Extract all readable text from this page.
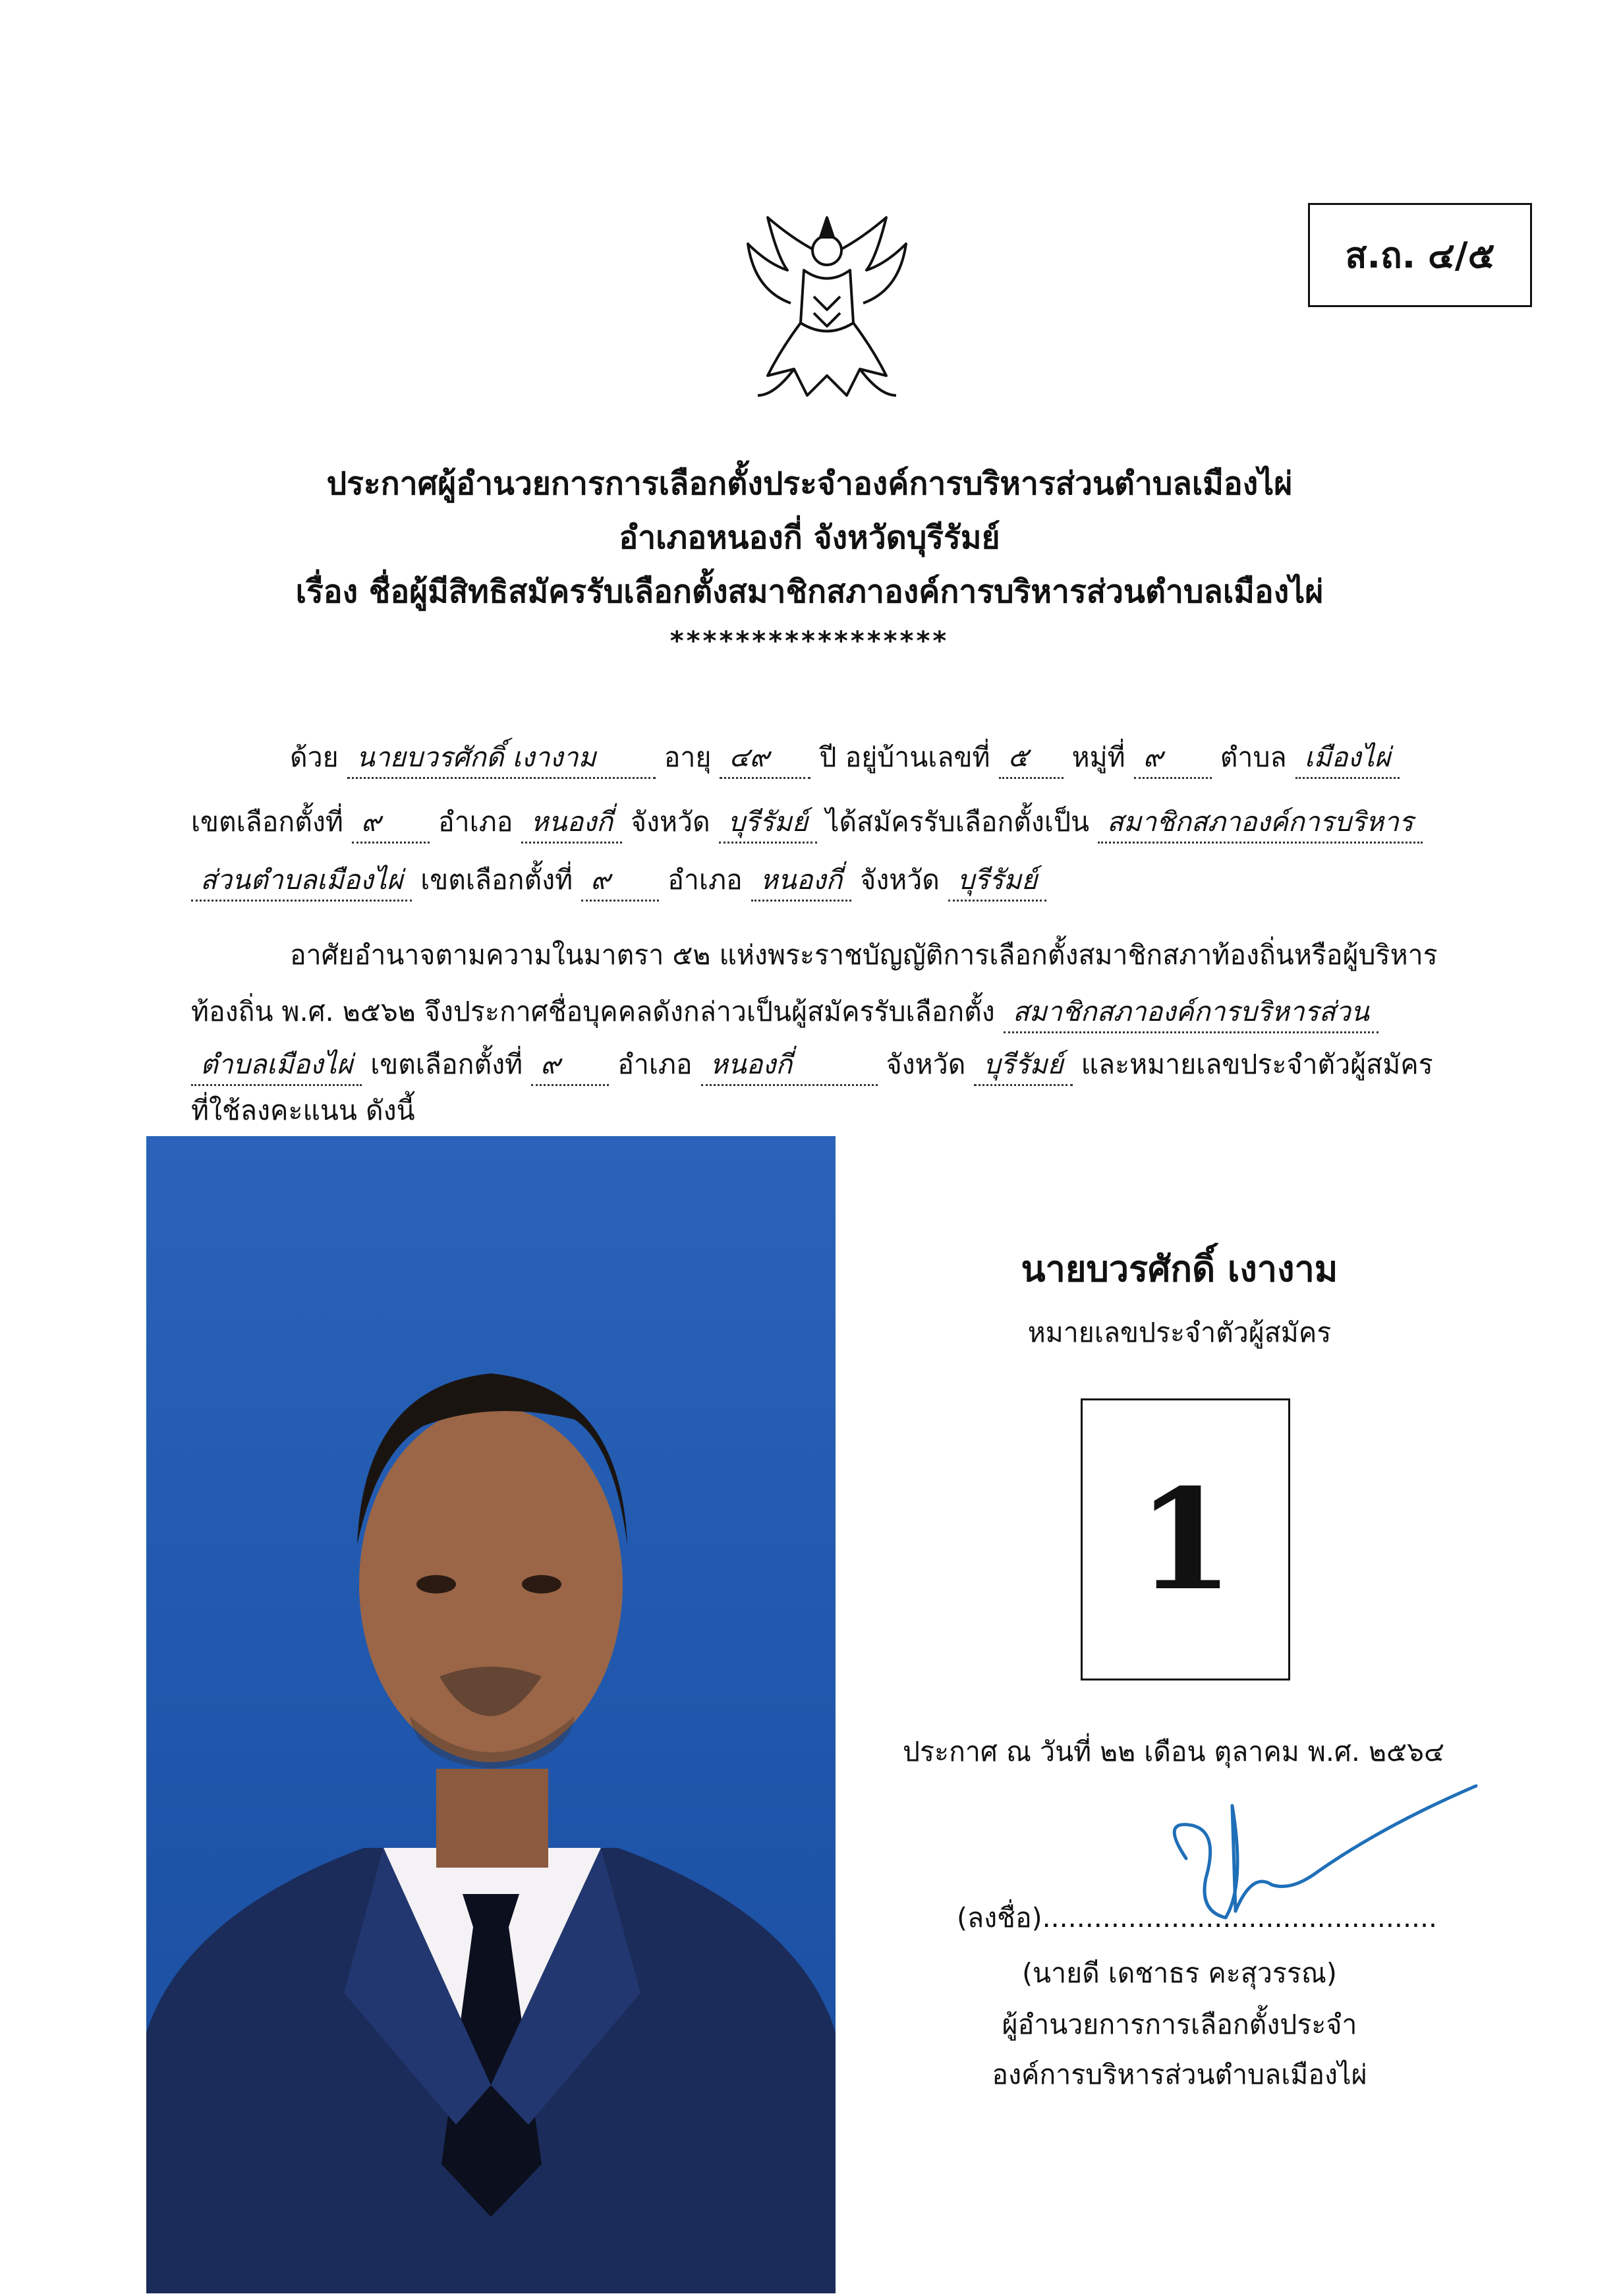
ส.ถ. ๔/๕
ประกาศผู้อำนวยการการเลือกตั้งประจำองค์การบริหารส่วนตำบลเมืองไผ่
อำเภอหนองกี่ จังหวัดบุรีรัมย์
เรื่อง ชื่อผู้มีสิทธิสมัครรับเลือกตั้งสมาชิกสภาองค์การบริหารส่วนตำบลเมืองไผ่
*****************
ด้วย นายบวรศักดิ์ เงางาม	อายุ ๔๙ ปี อยู่บ้านเลขที่ ๕ หมู่ที่ ๙ ตำบล เมืองไผ่
เขตเลือกตั้งที่ ๙ อำเภอ หนองกี่ จังหวัด บุรีรัมย์ ได้สมัครรับเลือกตั้งเป็น สมาชิกสภาองค์การบริหาร
ส่วนตำบลเมืองไผ่ เขตเลือกตั้งที่ ๙ อำเภอ หนองกี่ จังหวัด บุรีรัมย์
อาศัยอำนาจตามความในมาตรา ๕๒ แห่งพระราชบัญญัติการเลือกตั้งสมาชิกสภาท้องถิ่นหรือผู้บริหาร
ท้องถิ่น พ.ศ. ๒๕๖๒ จึงประกาศชื่อบุคคลดังกล่าวเป็นผู้สมัครรับเลือกตั้ง สมาชิกสภาองค์การบริหารส่วน
ตำบลเมืองไผ่ เขตเลือกตั้งที่ ๙ อำเภอ หนองกี่	จังหวัด บุรีรัมย์ และหมายเลขประจำตัวผู้สมัคร
ที่ใช้ลงคะแนน ดังนี้
นายบวรศักดิ์ เงางาม
หมายเลขประจำตัวผู้สมัคร
1
ประกาศ ณ วันที่ ๒๒ เดือน ตุลาคม พ.ศ. ๒๕๖๔
(ลงชื่อ)..............................................
(นายดี เดชาธร คะสุวรรณ)
ผู้อำนวยการการเลือกตั้งประจำ
องค์การบริหารส่วนตำบลเมืองไผ่
